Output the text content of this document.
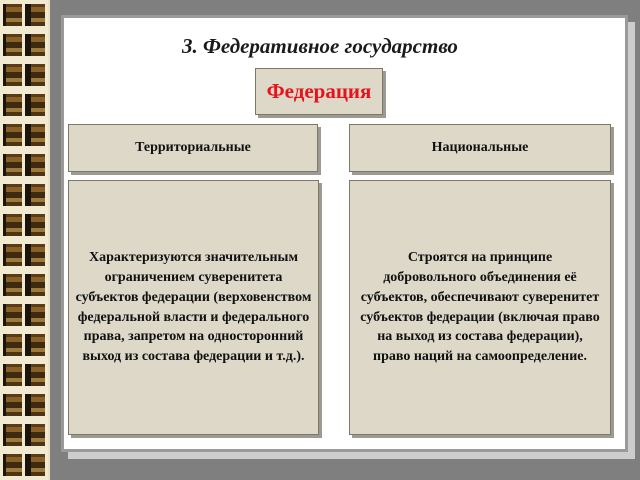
3. Федеративное государство
Федерация
Территориальные	Национальные
Характеризуются значительным ограничением суверенитета субъектов федерации (верховенством федеральной власти и федерального права, запретом на односторонний выход из состава федерации и т.д.).
Строятся на принципе добровольного объединения её субъектов, обеспечивают суверенитет субъектов федерации (включая право на выход из состава федерации), право наций на самоопределение.
